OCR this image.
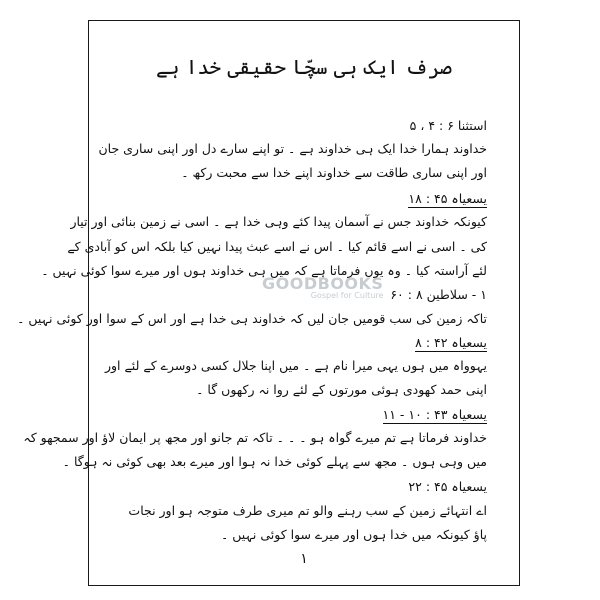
صرف ایک ہی سچّا حقیقی خدا ہے
استثنا ۶ : ۴ ، ۵
خداوند ہمارا خدا ایک ہی خداوند ہے ۔ تو اپنے سارے دل اور اپنی ساری جان
اور اپنی ساری طاقت سے خداوند اپنے خدا سے محبت رکھ ۔
یسعیاہ ۴۵ : ۱۸
کیونکہ خداوند جس نے آسمان پیدا کئے وہی خدا ہے ۔ اسی نے زمین بنائی اور تیار
کی ۔ اسی نے اسے قائم کیا ۔ اس نے اسے عبث پیدا نہیں کیا بلکہ اس کو آبادی کے
لئے آراستہ کیا ۔ وہ یوں فرماتا ہے کہ میں ہی خداوند ہوں اور میرے سوا کوئی نہیں ۔
۱ - سلاطین ۸ : ۶۰
تاکہ زمین کی سب قومیں جان لیں کہ خداوند ہی خدا ہے اور اس کے سوا اور کوئی نہیں ۔
یسعیاہ ۴۲ : ۸
یہوواہ میں ہوں یہی میرا نام ہے ۔ میں اپنا جلال کسی دوسرے کے لئے اور
اپنی حمد کھودی ہوئی مورتوں کے لئے روا نہ رکھوں گا ۔
یسعیاہ ۴۳ : ۱۰ - ۱۱
خداوند فرماتا ہے تم میرے گواہ ہو ۔ ۔ ۔ تاکہ تم جانو اور مجھ پر ایمان لاؤ اور سمجھو کہ
میں وہی ہوں ۔ مجھ سے پہلے کوئی خدا نہ ہوا اور میرے بعد بھی کوئی نہ ہوگا ۔
یسعیاہ ۴۵ : ۲۲
اے انتہائے زمین کے سب رہنے والو تم میری طرف متوجہ ہو اور نجات
پاؤ کیونکہ میں خدا ہوں اور میرے سوا کوئی نہیں ۔
۱
GOODBOOKS
Gospel for Culture
